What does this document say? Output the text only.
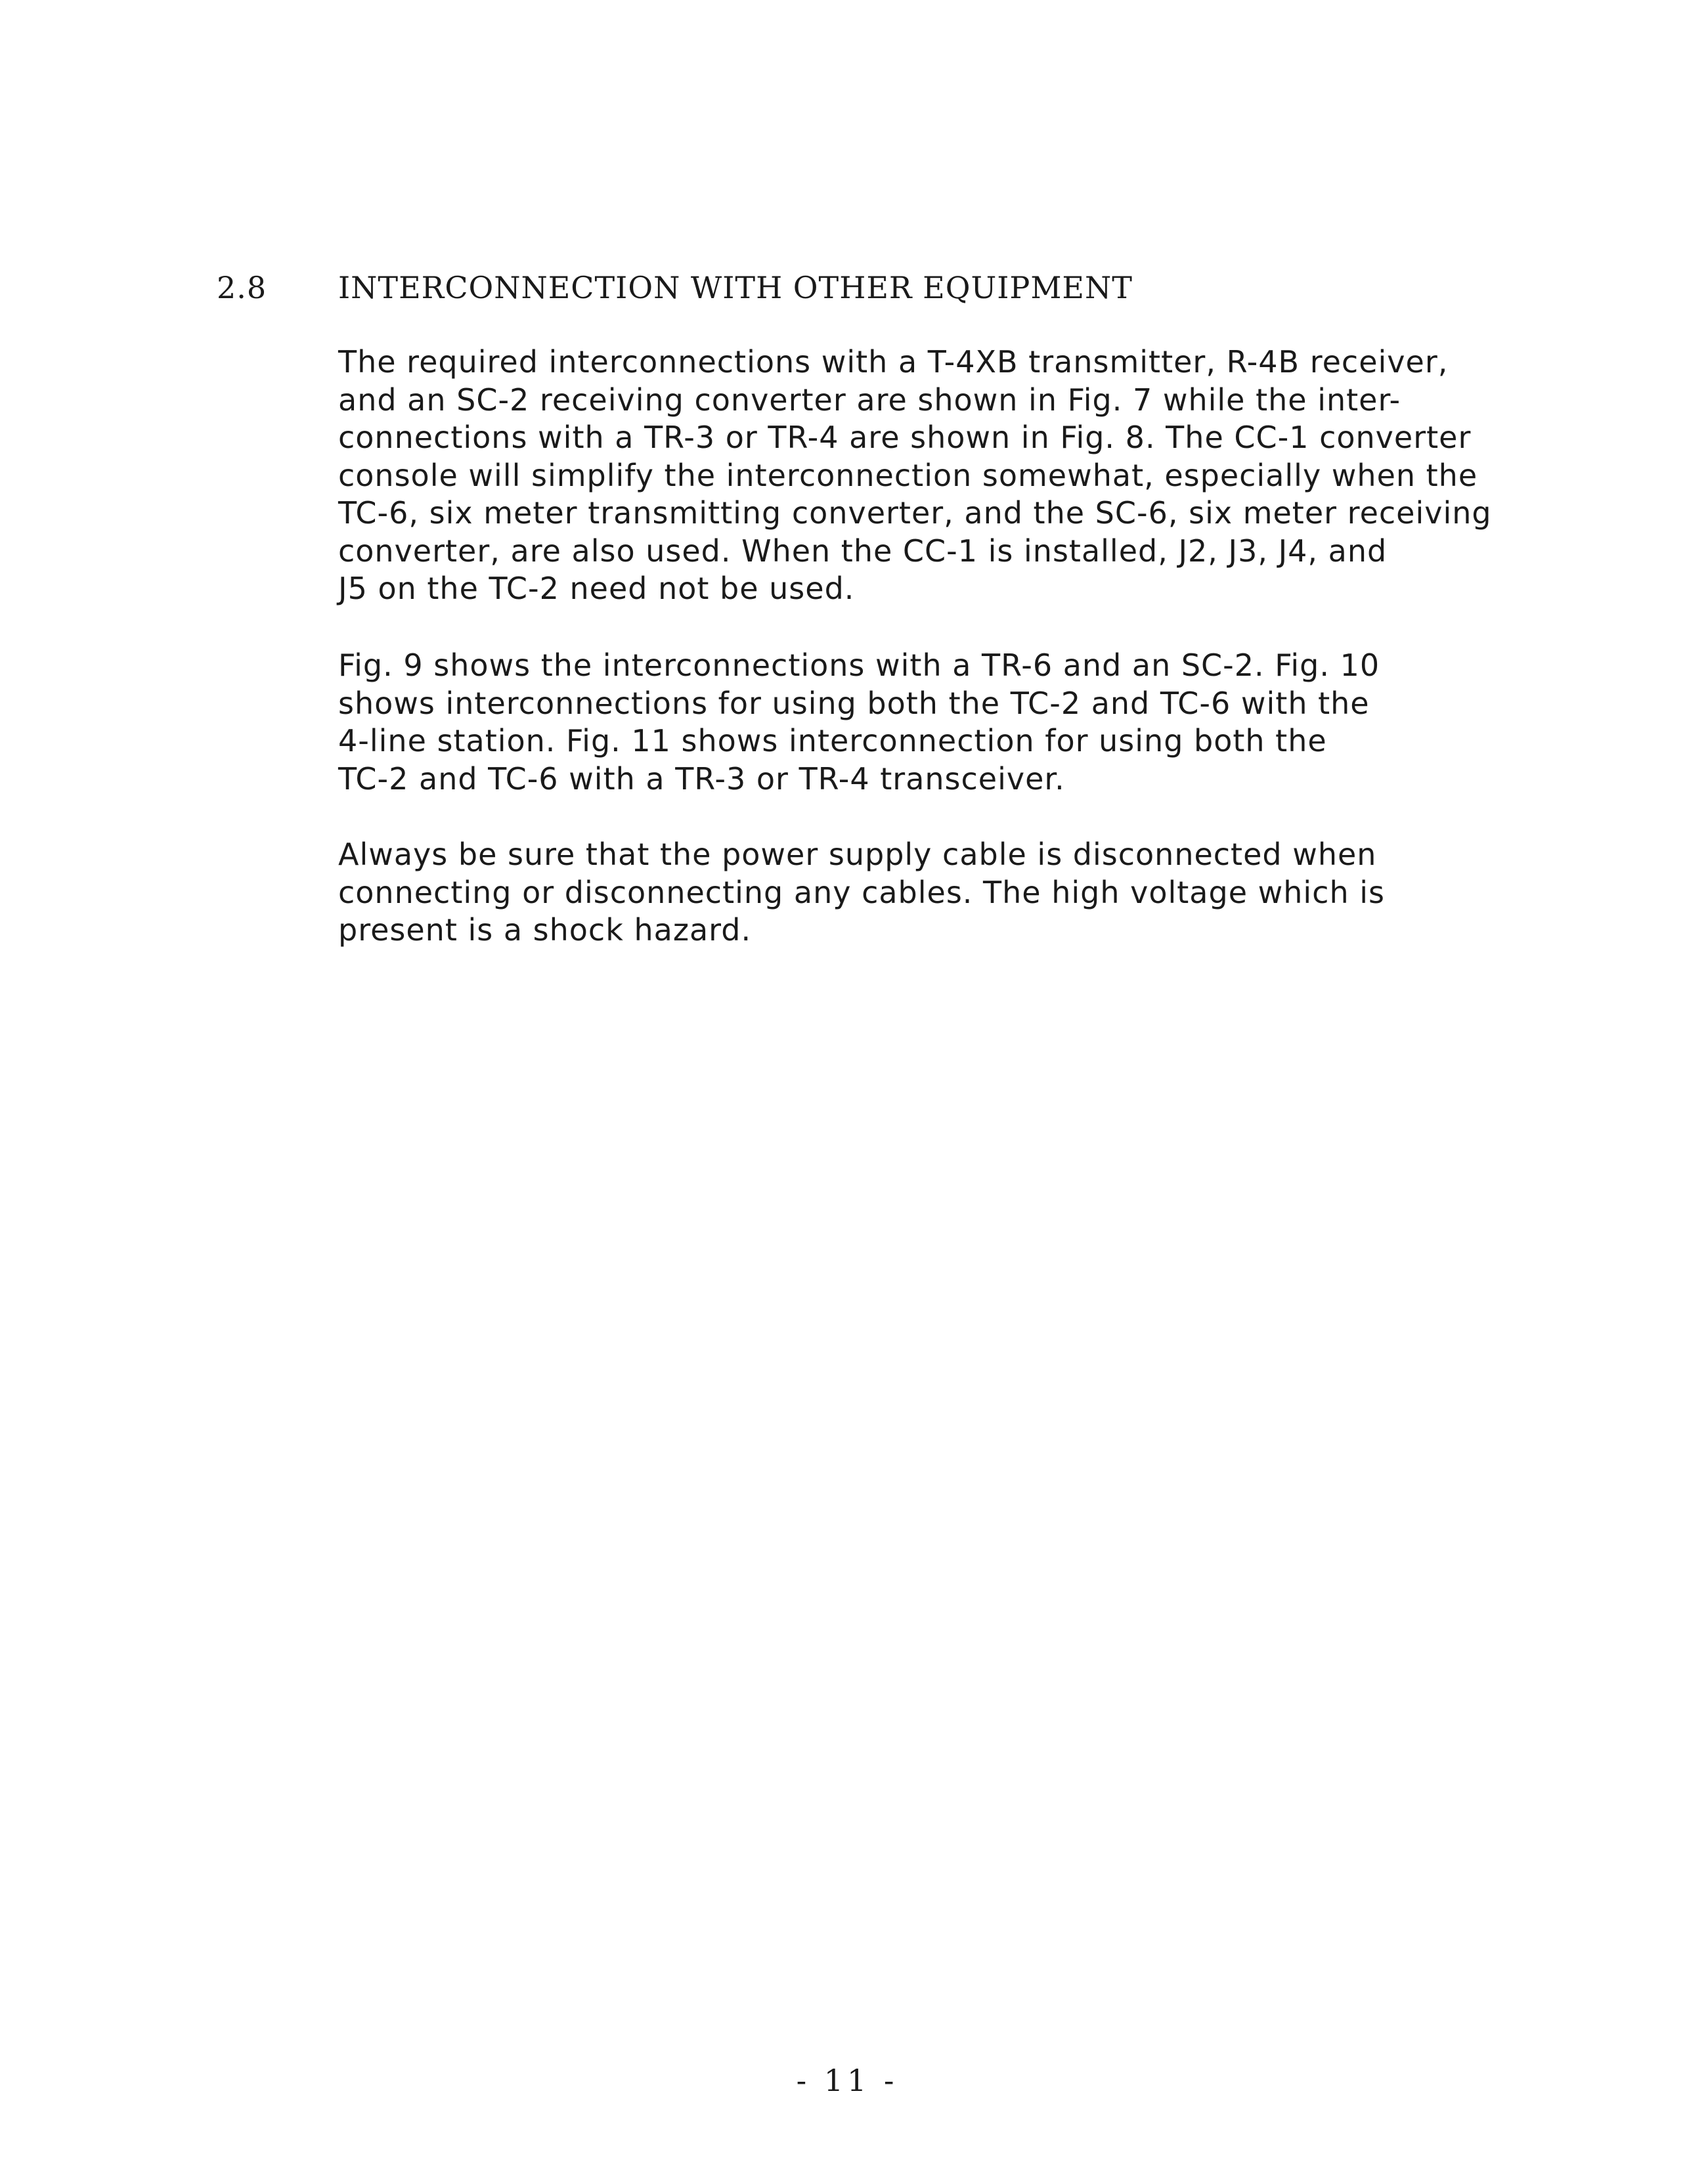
2.8 INTERCONNECTION WITH OTHER EQUIPMENT

The required interconnections with a T-4XB transmitter, R-4B receiver,
and an SC-2 receiving converter are shown in Fig. 7 while the inter-
connections with a TR-3 or TR-4 are shown in Fig. 8. The CC-1 converter
console will simplify the interconnection somewhat, especially when the
TC-6, six meter transmitting converter, and the SC-6, six meter receiving
converter, are also used. When the CC-1 is installed, J2, J3, J4, and
J5 on the TC-2 need not be used.

Fig. 9 shows the interconnections with a TR-6 and an SC-2. Fig. 10
shows interconnections for using both the TC-2 and TC-6 with the
4-line station. Fig. 11 shows interconnection for using both the
TC-2 and TC-6 with a TR-3 or TR-4 transceiver.

Always be sure that the power supply cable is disconnected when
connecting or disconnecting any cables. The high voltage which is
present is a shock hazard.

- 11 -
